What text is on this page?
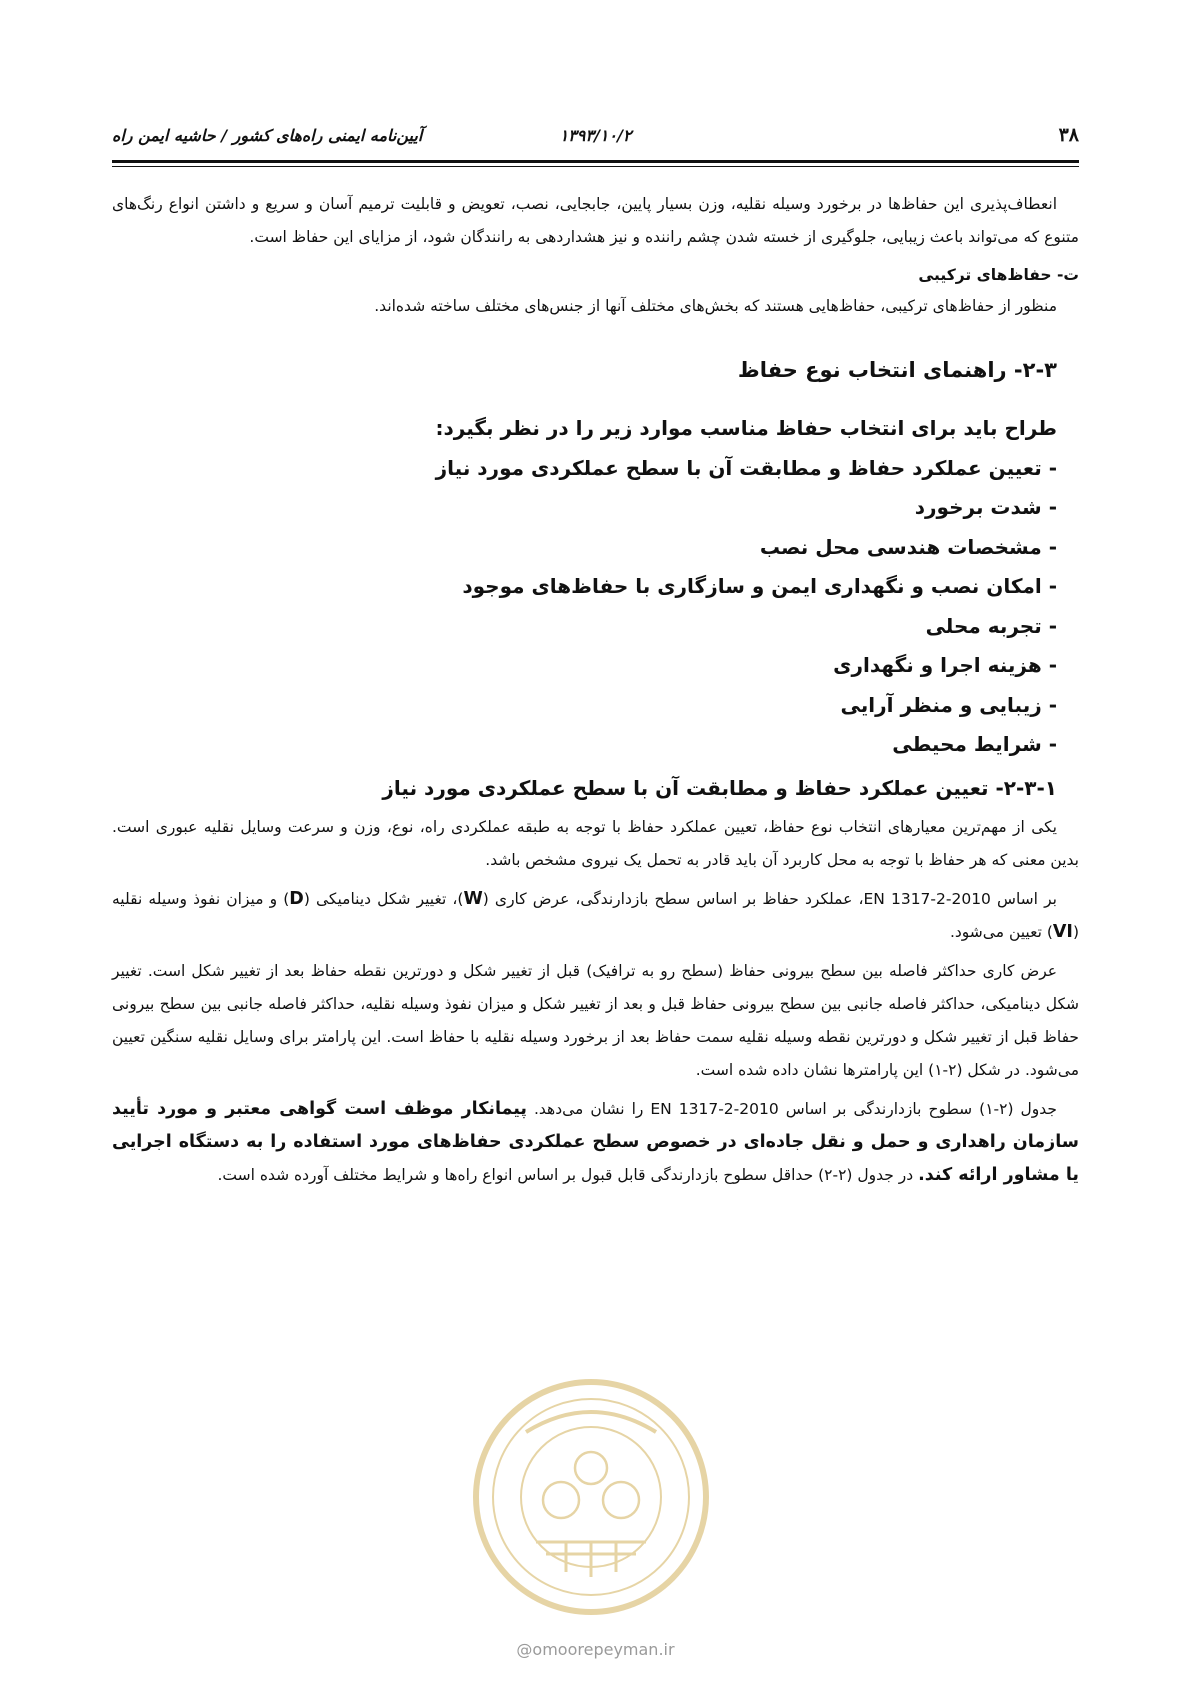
۳۸
۱۳۹۳/۱۰/۲
آیین‌نامه ایمنی راه‌های کشور / حاشیه ایمن راه

انعطاف‌پذیری این حفاظ‌ها در برخورد وسیله نقلیه، وزن بسیار پایین، جابجایی، نصب، تعویض و قابلیت ترمیم آسان و سریع و داشتن انواع رنگ‌های متنوع که می‌تواند باعث زیبایی، جلوگیری از خسته شدن چشم راننده و نیز هشداردهی به رانندگان شود، از مزایای این حفاظ است.

ت- حفاظ‌های ترکیبی

منظور از حفاظ‌های ترکیبی، حفاظ‌هایی هستند که بخش‌های مختلف آنها از جنس‌های مختلف ساخته شده‌اند.

۲-۳- راهنمای انتخاب نوع حفاظ
طراح باید برای انتخاب حفاظ مناسب موارد زیر را در نظر بگیرد:
- تعیین عملکرد حفاظ و مطابقت آن با سطح عملکردی مورد نیاز
- شدت برخورد
- مشخصات هندسی محل نصب
- امکان نصب و نگهداری ایمن و سازگاری با حفاظ‌های موجود
- تجربه محلی
- هزینه اجرا و نگهداری
- زیبایی و منظر آرایی
- شرایط محیطی
۲-۳-۱- تعیین عملکرد حفاظ و مطابقت آن با سطح عملکردی مورد نیاز

یکی از مهم‌ترین معیارهای انتخاب نوع حفاظ، تعیین عملکرد حفاظ با توجه به طبقه عملکردی راه، نوع، وزن و سرعت وسایل نقلیه عبوری است. بدین معنی که هر حفاظ با توجه به محل کاربرد آن باید قادر به تحمل یک نیروی مشخص باشد.

بر اساس EN 1317-2-2010، عملکرد حفاظ بر اساس سطح بازدارندگی، عرض کاری (W)، تغییر شکل دینامیکی (D) و میزان نفوذ وسیله نقلیه (VI) تعیین می‌شود.

عرض کاری حداکثر فاصله بین سطح بیرونی حفاظ (سطح رو به ترافیک) قبل از تغییر شکل و دورترین نقطه حفاظ بعد از تغییر شکل است. تغییر شکل دینامیکی، حداکثر فاصله جانبی بین سطح بیرونی حفاظ قبل و بعد از تغییر شکل و میزان نفوذ وسیله نقلیه، حداکثر فاصله جانبی بین سطح بیرونی حفاظ قبل از تغییر شکل و دورترین نقطه وسیله نقلیه سمت حفاظ بعد از برخورد وسیله نقلیه با حفاظ است. این پارامتر برای وسایل نقلیه سنگین تعیین می‌شود. در شکل (۲-۱) این پارامترها نشان داده شده است.

جدول (۲-۱) سطوح بازدارندگی بر اساس EN 1317-2-2010 را نشان می‌دهد. پیمانکار موظف است گواهی معتبر و مورد تأیید سازمان راهداری و حمل و نقل جاده‌ای در خصوص سطح عملکردی حفاظ‌های مورد استفاده را به دستگاه اجرایی یا مشاور ارائه کند. در جدول (۲-۲) حداقل سطوح بازدارندگی قابل قبول بر اساس انواع راه‌ها و شرایط مختلف آورده شده است.

@omoorepeyman.ir
